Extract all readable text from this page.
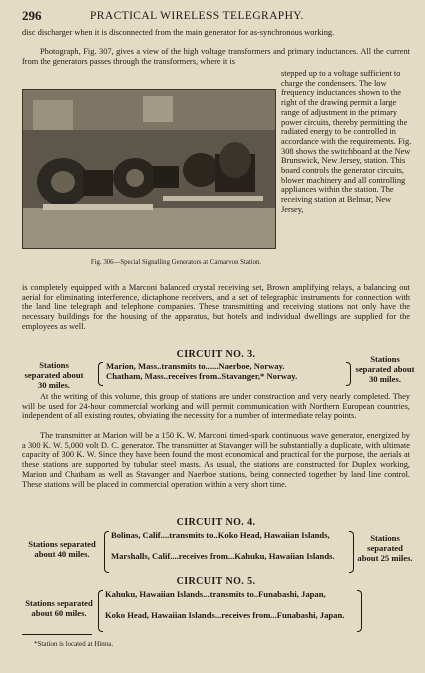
296	PRACTICAL WIRELESS TELEGRAPHY.
disc discharger when it is disconnected from the main generator for as-synchronous working.
Photograph, Fig. 307, gives a view of the high voltage transformers and primary inductances. All the current from the generators passes through the transformers, where it is
Fig. 306—Special Signalling Generators at Carnarvon Station.
stepped up to a voltage sufficient to charge the condensers. The low frequency inductances shown to the right of the drawing permit a large range of adjustment in the primary power circuits, thereby permitting the radiated energy to be controlled in accordance with the requirements. Fig. 308 shows the switchboard at the New Brunswick, New Jersey, station. This board controls the generator circuits, blower machinery and all controlling appliances within the station. The receiving station at Belmar, New Jersey,
is completely equipped with a Marconi balanced crystal receiving set, Brown amplifying relays, a balancing out aerial for eliminating interference, dictaphone receivers, and a set of telegraphic instruments for connection with the land line telegraph and telephone companies. These transmitting and receiving stations not only have the necessary buildings for the housing of the apparatus, but hotels and individual dwellings are supplied for the employees as well.
CIRCUIT NO. 3.
Stations separated about 30 miles.
Marion, Mass..transmits to......Naerboe, Norway.
Chatham, Mass..receives from..Stavanger,* Norway.
Stations separated about 30 miles.
At the writing of this volume, this group of stations are under construction and very nearly completed. They will be used for 24-hour commercial working and will permit communication with Northern European countries, independent of all existing routes, obviating the necessity for a number of intermediate relay points.
The transmitter at Marion will be a 150 K. W. Marconi timed-spark continuous wave generator, energized by a 300 K. W. 5,000 volt D. C. generator. The transmitter at Stavanger will be substantially a duplicate, with ultimate capacity of 300 K. W. Since they have been found the most economical and practical for the purpose, the aerials at these stations are supported by tubular steel masts. As usual, the stations are constructed for Duplex working, Marion and Chatham as well as Stavanger and Naerboe stations, being connected together by land line control. These stations will be placed in commercial operation within a very short time.
CIRCUIT NO. 4.
Stations separated about 40 miles.
Bolinas, Calif....transmits to..Koko Head, Hawaiian Islands,
Marshalls, Calif....receives from...Kahuku, Hawaiian Islands.
Stations separated about 25 miles.
CIRCUIT NO. 5.
Stations separated about 60 miles.
Kahuku, Hawaiian Islands...transmits to..Funabashi, Japan,
Koko Head, Hawaiian Islands...receives from...Funabashi, Japan.
*Station is located at Hinna.
